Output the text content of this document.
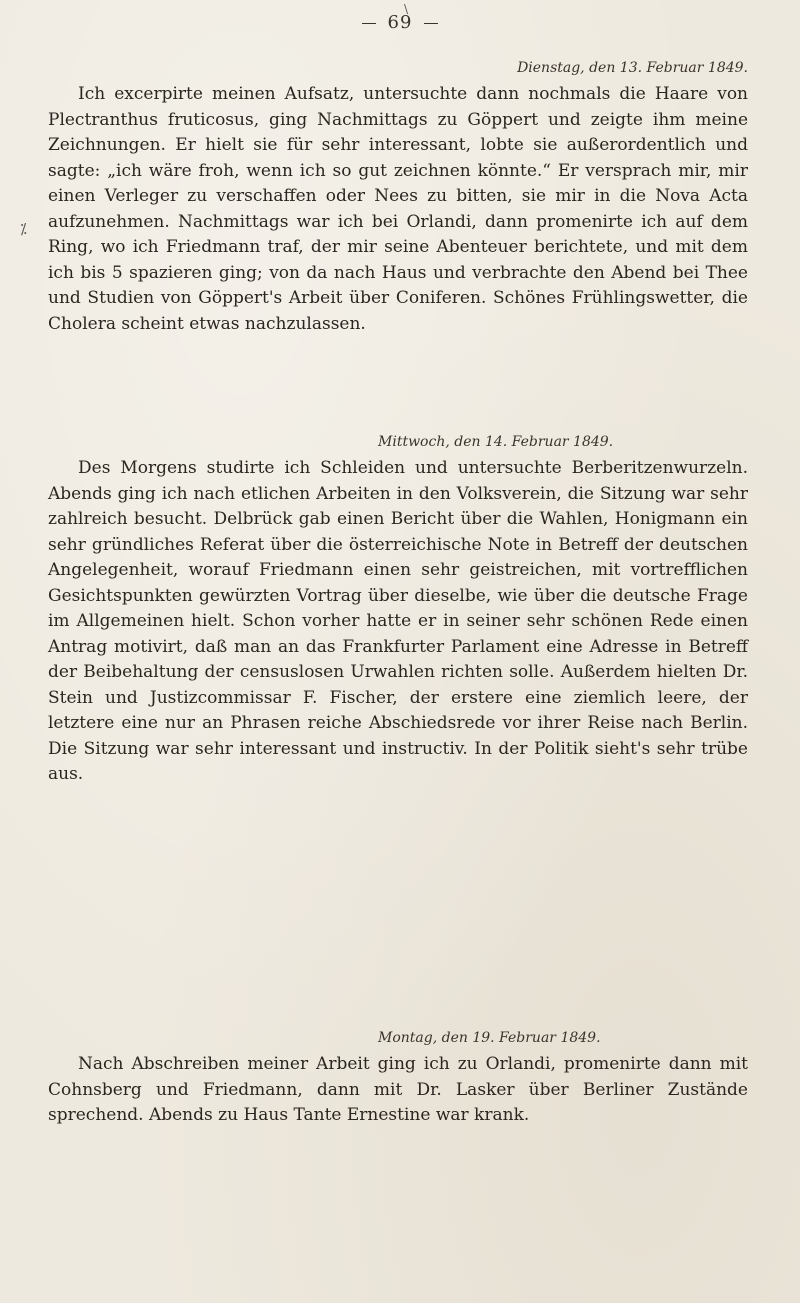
\
69
⁒
Dienstag, den 13. Februar 1849.
Ich excerpirte meinen Aufsatz, untersuchte dann nochmals die Haare von Plectranthus fruticosus, ging Nachmittags zu Göppert und zeigte ihm meine Zeichnungen. Er hielt sie für sehr interessant, lobte sie außerordentlich und sagte: „ich wäre froh, wenn ich so gut zeichnen könnte.“ Er versprach mir, mir einen Verleger zu verschaffen oder Nees zu bitten, sie mir in die Nova Acta aufzunehmen. Nachmittags war ich bei Orlandi, dann promenirte ich auf dem Ring, wo ich Friedmann traf, der mir seine Abenteuer berichtete, und mit dem ich bis 5 spazieren ging; von da nach Haus und verbrachte den Abend bei Thee und Studien von Göppert's Arbeit über Coniferen. Schönes Frühlingswetter, die Cholera scheint etwas nachzulassen.
Mittwoch, den 14. Februar 1849.
Des Morgens studirte ich Schleiden und untersuchte Berberitzenwurzeln. Abends ging ich nach etlichen Arbeiten in den Volksverein, die Sitzung war sehr zahlreich besucht. Delbrück gab einen Bericht über die Wahlen, Honigmann ein sehr gründliches Referat über die österreichische Note in Betreff der deutschen Angelegenheit, worauf Friedmann einen sehr geistreichen, mit vortrefflichen Gesichtspunkten gewürzten Vortrag über dieselbe, wie über die deutsche Frage im Allgemeinen hielt. Schon vorher hatte er in seiner sehr schönen Rede einen Antrag motivirt, daß man an das Frankfurter Parlament eine Adresse in Betreff der Beibehaltung der censuslosen Urwahlen richten solle. Außerdem hielten Dr. Stein und Justizcommissar F. Fischer, der erstere eine ziemlich leere, der letztere eine nur an Phrasen reiche Abschiedsrede vor ihrer Reise nach Berlin. Die Sitzung war sehr interessant und instructiv. In der Politik sieht's sehr trübe aus.
Montag, den 19. Februar 1849.
Nach Abschreiben meiner Arbeit ging ich zu Orlandi, promenirte dann mit Cohnsberg und Friedmann, dann mit Dr. Lasker über Berliner Zustände sprechend. Abends zu Haus Tante Ernestine war krank.
